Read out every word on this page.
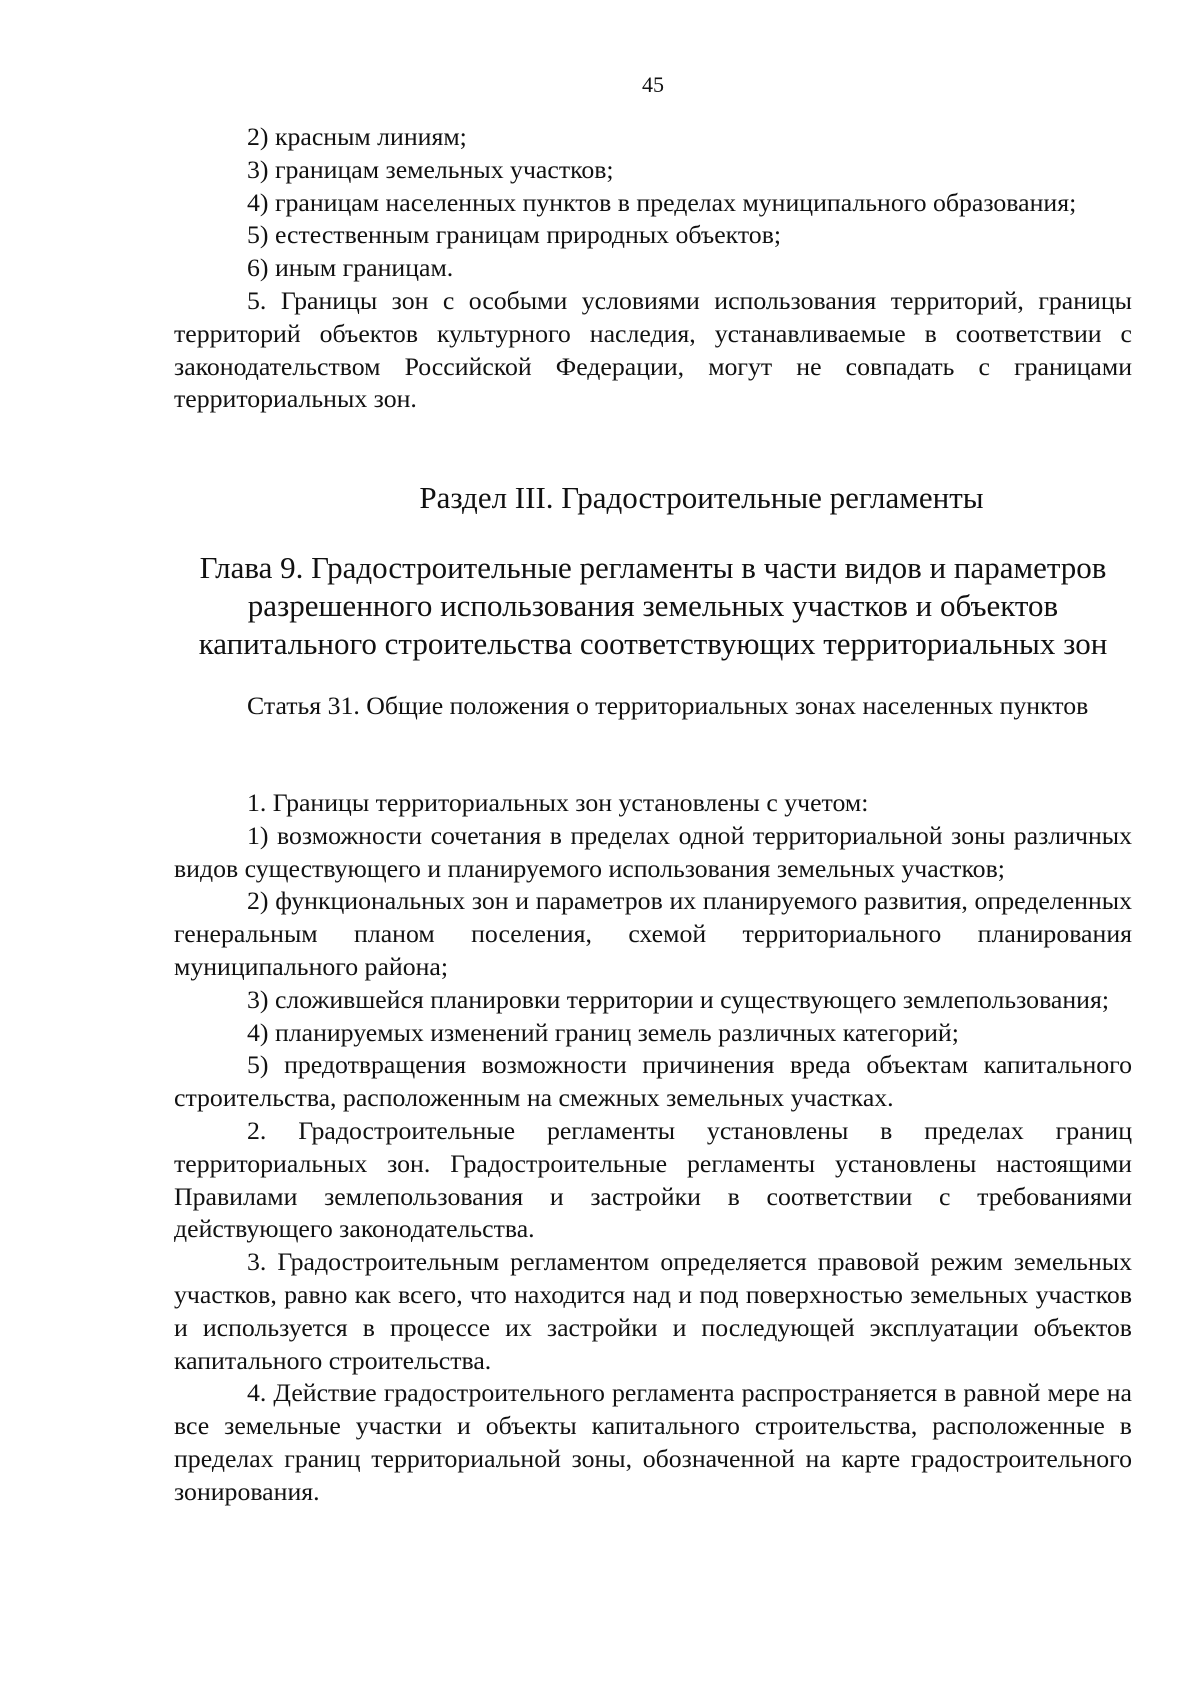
45

2) красным линиям;

3) границам земельных участков;

4) границам населенных пунктов в пределах муниципального образования;

5) естественным границам природных объектов;

6) иным границам.

5. Границы зон с особыми условиями использования территорий, границы территорий объектов культурного наследия, устанавливаемые в соответствии с законодательством Российской Федерации, могут не совпадать с границами территориальных зон.

Раздел III. Градостроительные регламенты
Глава 9. Градостроительные регламенты в части видов и параметров
разрешенного использования земельных участков и объектов
капитального строительства соответствующих территориальных зон

Статья 31. Общие положения о территориальных зонах населенных пунктов

1. Границы территориальных зон установлены с учетом:

1) возможности сочетания в пределах одной территориальной зоны различных видов существующего и планируемого использования земельных участков;

2) функциональных зон и параметров их планируемого развития, определенных генеральным планом поселения, схемой территориального планирования муниципального района;

3) сложившейся планировки территории и существующего землепользования;

4) планируемых изменений границ земель различных категорий;

5) предотвращения возможности причинения вреда объектам капитального строительства, расположенным на смежных земельных участках.

2. Градостроительные регламенты установлены в пределах границ территориальных зон. Градостроительные регламенты установлены настоящими Правилами землепользования и застройки в соответствии с требованиями действующего законодательства.

3. Градостроительным регламентом определяется правовой режим земельных участков, равно как всего, что находится над и под поверхностью земельных участков и используется в процессе их застройки и последующей эксплуатации объектов капитального строительства.

4. Действие градостроительного регламента распространяется в равной мере на все земельные участки и объекты капитального строительства, расположенные в пределах границ территориальной зоны, обозначенной на карте градостроительного зонирования.
